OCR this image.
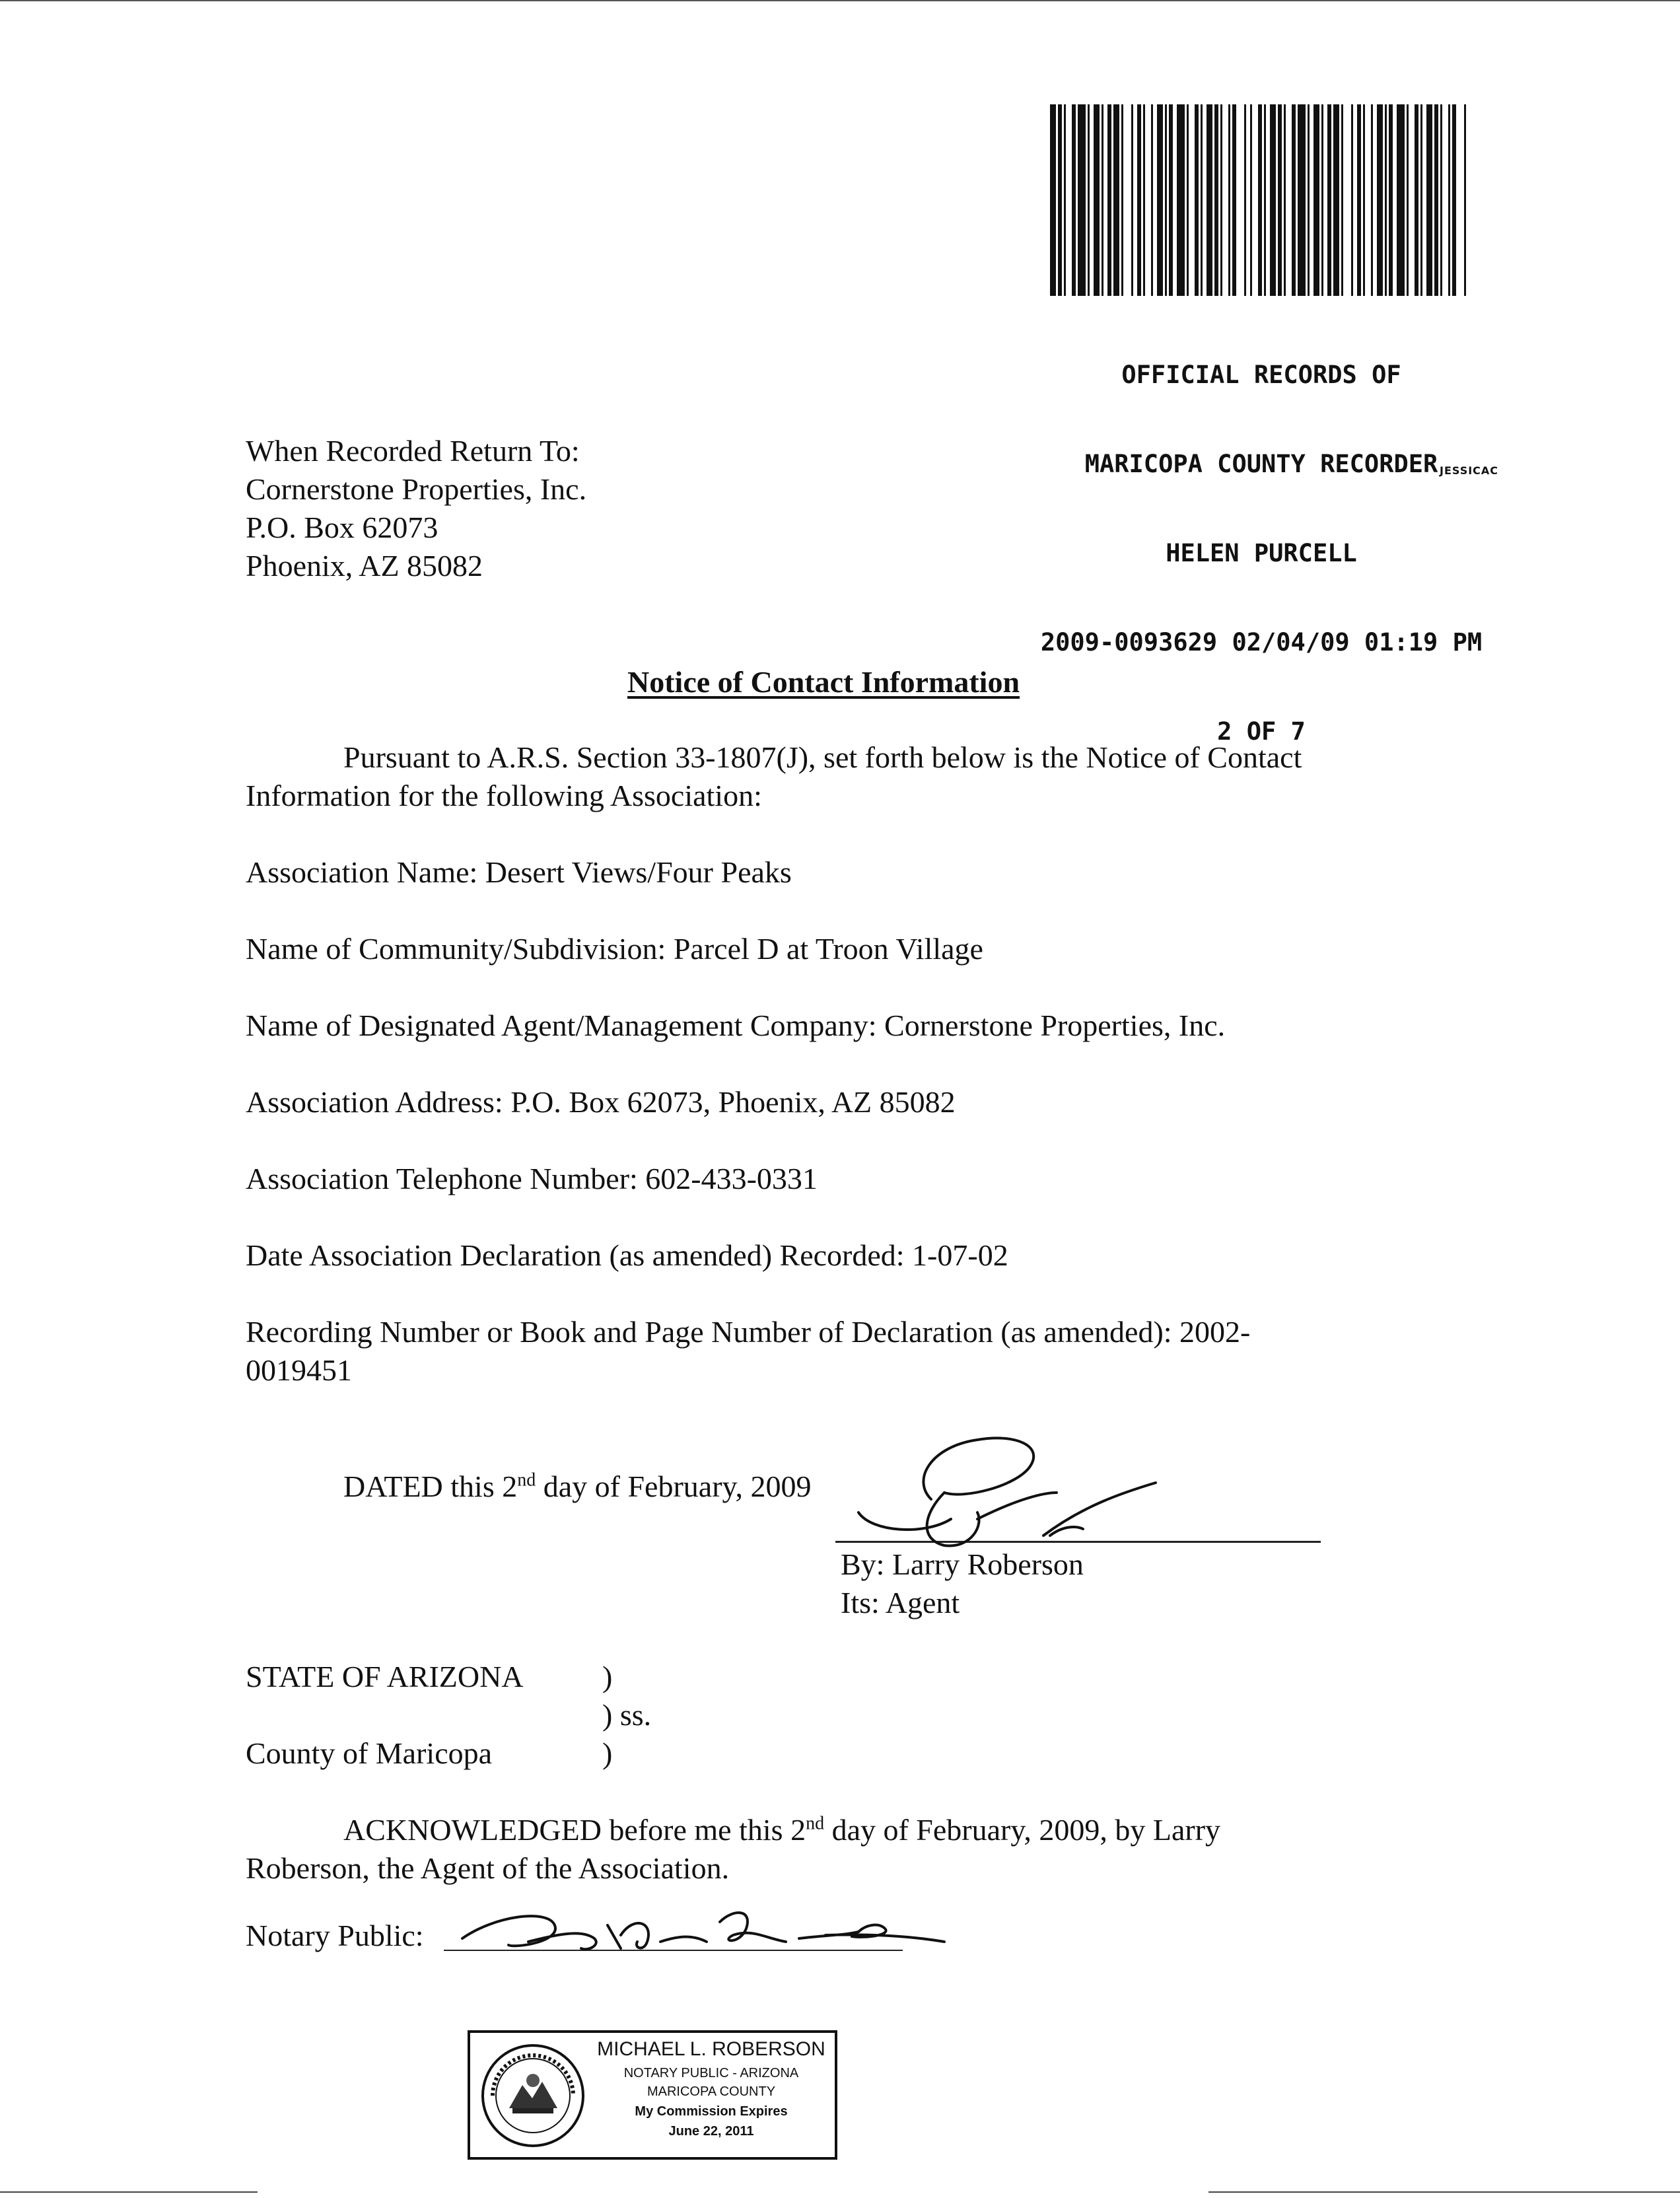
OFFICIAL RECORDS OF

MARICOPA COUNTY RECORDER

HELEN PURCELL

2009-0093629 02/04/09 01:19 PM

2 OF 7

JESSICAC
When Recorded Return To:
Cornerstone Properties, Inc.
P.O. Box 62073
Phoenix, AZ 85082
Notice of Contact Information
Pursuant to A.R.S. Section 33-1807(J), set forth below is the Notice of Contact
Information for the following Association:
Association Name: Desert Views/Four Peaks
Name of Community/Subdivision: Parcel D at Troon Village
Name of Designated Agent/Management Company: Cornerstone Properties, Inc.
Association Address: P.O. Box 62073, Phoenix, AZ 85082
Association Telephone Number: 602-433-0331
Date Association Declaration (as amended) Recorded: 1-07-02
Recording Number or Book and Page Number of Declaration (as amended): 2002-
0019451
DATED this 2nd day of February, 2009
By: Larry Roberson
Its: Agent
STATE OF ARIZONA	)
) ss.
County of Maricopa	)
ACKNOWLEDGED before me this 2nd day of February, 2009, by Larry
Roberson, the Agent of the Association.
Notary Public:
MICHAEL L. ROBERSON
NOTARY PUBLIC - ARIZONA
MARICOPA COUNTY
My Commission Expires
June 22, 2011
